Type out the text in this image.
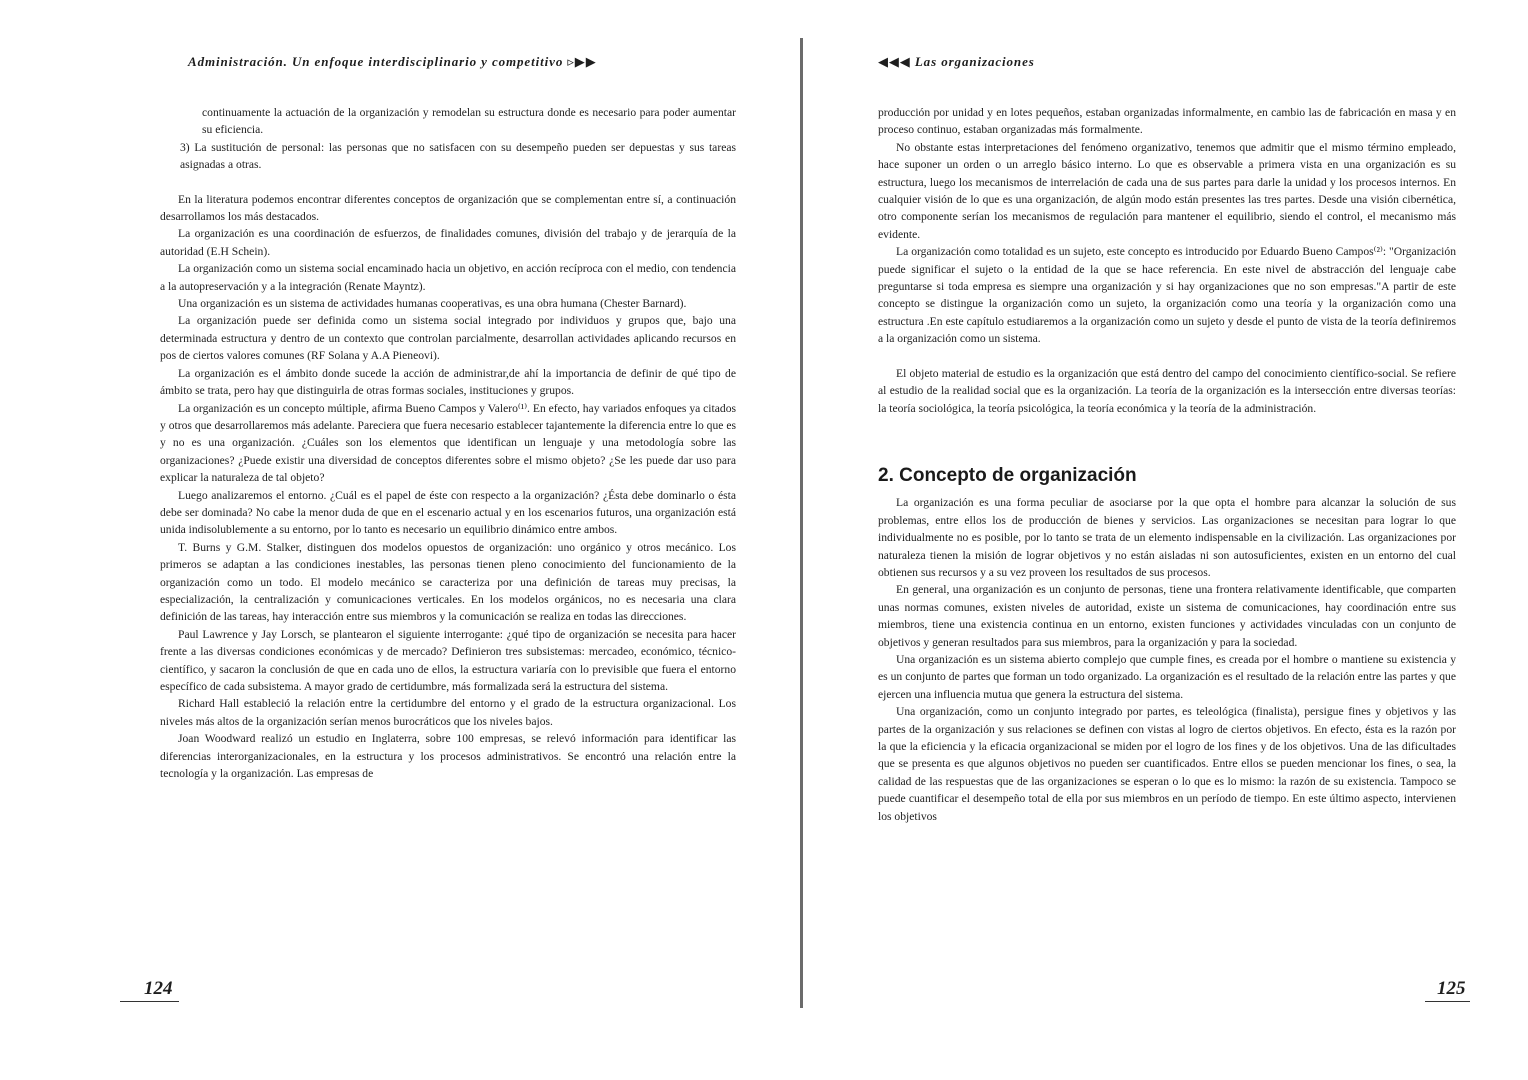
Administración. Un enfoque interdisciplinario y competitivo ▹▶▶

continuamente la actuación de la organización y remodelan su estructura donde es necesario para poder aumentar su eficiencia.

3) La sustitución de personal: las personas que no satisfacen con su desempeño pueden ser depuestas y sus tareas asignadas a otras.

En la literatura podemos encontrar diferentes conceptos de organización que se complementan entre sí, a continuación desarrollamos los más destacados.

La organización es una coordinación de esfuerzos, de finalidades comunes, división del trabajo y de jerarquía de la autoridad (E.H Schein).

La organización como un sistema social encaminado hacia un objetivo, en acción recíproca con el medio, con tendencia a la autopreservación y a la integración (Renate Mayntz).

Una organización es un sistema de actividades humanas cooperativas, es una obra humana (Chester Barnard).

La organización puede ser definida como un sistema social integrado por individuos y grupos que, bajo una determinada estructura y dentro de un contexto que controlan parcialmente, desarrollan actividades aplicando recursos en pos de ciertos valores comunes (RF Solana y A.A Pieneovi).

La organización es el ámbito donde sucede la acción de administrar,de ahí la importancia de definir de qué tipo de ámbito se trata, pero hay que distinguirla de otras formas sociales, instituciones y grupos.

La organización es un concepto múltiple, afirma Bueno Campos y Valero⁽¹⁾. En efecto, hay variados enfoques ya citados y otros que desarrollaremos más adelante. Pareciera que fuera necesario establecer tajantemente la diferencia entre lo que es y no es una organización. ¿Cuáles son los elementos que identifican un lenguaje y una metodología sobre las organizaciones? ¿Puede existir una diversidad de conceptos diferentes sobre el mismo objeto? ¿Se les puede dar uso para explicar la naturaleza de tal objeto?

Luego analizaremos el entorno. ¿Cuál es el papel de éste con respecto a la organización? ¿Ésta debe dominarlo o ésta debe ser dominada? No cabe la menor duda de que en el escenario actual y en los escenarios futuros, una organización está unida indisolublemente a su entorno, por lo tanto es necesario un equilibrio dinámico entre ambos.

T. Burns y G.M. Stalker, distinguen dos modelos opuestos de organización: uno orgánico y otros mecánico. Los primeros se adaptan a las condiciones inestables, las personas tienen pleno conocimiento del funcionamiento de la organización como un todo. El modelo mecánico se caracteriza por una definición de tareas muy precisas, la especialización, la centralización y comunicaciones verticales. En los modelos orgánicos, no es necesaria una clara definición de las tareas, hay interacción entre sus miembros y la comunicación se realiza en todas las direcciones.

Paul Lawrence y Jay Lorsch, se plantearon el siguiente interrogante: ¿qué tipo de organización se necesita para hacer frente a las diversas condiciones económicas y de mercado? Definieron tres subsistemas: mercadeo, económico, técnico-científico, y sacaron la conclusión de que en cada uno de ellos, la estructura variaría con lo previsible que fuera el entorno específico de cada subsistema. A mayor grado de certidumbre, más formalizada será la estructura del sistema.

Richard Hall estableció la relación entre la certidumbre del entorno y el grado de la estructura organizacional. Los niveles más altos de la organización serían menos burocráticos que los niveles bajos.

Joan Woodward realizó un estudio en Inglaterra, sobre 100 empresas, se relevó información para identificar las diferencias interorganizacionales, en la estructura y los procesos administrativos. Se encontró una relación entre la tecnología y la organización. Las empresas de

124
◀◀◀ Las organizaciones

producción por unidad y en lotes pequeños, estaban organizadas informalmente, en cambio las de fabricación en masa y en proceso continuo, estaban organizadas más formalmente.

No obstante estas interpretaciones del fenómeno organizativo, tenemos que admitir que el mismo término empleado, hace suponer un orden o un arreglo básico interno. Lo que es observable a primera vista en una organización es su estructura, luego los mecanismos de interrelación de cada una de sus partes para darle la unidad y los procesos internos. En cualquier visión de lo que es una organización, de algún modo están presentes las tres partes. Desde una visión cibernética, otro componente serían los mecanismos de regulación para mantener el equilibrio, siendo el control, el mecanismo más evidente.

La organización como totalidad es un sujeto, este concepto es introducido por Eduardo Bueno Campos⁽²⁾: "Organización puede significar el sujeto o la entidad de la que se hace referencia. En este nivel de abstracción del lenguaje cabe preguntarse si toda empresa es siempre una organización y si hay organizaciones que no son empresas."A partir de este concepto se distingue la organización como un sujeto, la organización como una teoría y la organización como una estructura .En este capítulo estudiaremos a la organización como un sujeto y desde el punto de vista de la teoría definiremos a la organización como un sistema.

El objeto material de estudio es la organización que está dentro del campo del conocimiento científico-social. Se refiere al estudio de la realidad social que es la organización. La teoría de la organización es la intersección entre diversas teorías: la teoría sociológica, la teoría psicológica, la teoría económica y la teoría de la administración.

2. Concepto de organización

La organización es una forma peculiar de asociarse por la que opta el hombre para alcanzar la solución de sus problemas, entre ellos los de producción de bienes y servicios. Las organizaciones se necesitan para lograr lo que individualmente no es posible, por lo tanto se trata de un elemento indispensable en la civilización. Las organizaciones por naturaleza tienen la misión de lograr objetivos y no están aisladas ni son autosuficientes, existen en un entorno del cual obtienen sus recursos y a su vez proveen los resultados de sus procesos.

En general, una organización es un conjunto de personas, tiene una frontera relativamente identificable, que comparten unas normas comunes, existen niveles de autoridad, existe un sistema de comunicaciones, hay coordinación entre sus miembros, tiene una existencia continua en un entorno, existen funciones y actividades vinculadas con un conjunto de objetivos y generan resultados para sus miembros, para la organización y para la sociedad.

Una organización es un sistema abierto complejo que cumple fines, es creada por el hombre o mantiene su existencia y es un conjunto de partes que forman un todo organizado. La organización es el resultado de la relación entre las partes y que ejercen una influencia mutua que genera la estructura del sistema.

Una organización, como un conjunto integrado por partes, es teleológica (finalista), persigue fines y objetivos y las partes de la organización y sus relaciones se definen con vistas al logro de ciertos objetivos. En efecto, ésta es la razón por la que la eficiencia y la eficacia organizacional se miden por el logro de los fines y de los objetivos. Una de las dificultades que se presenta es que algunos objetivos no pueden ser cuantificados. Entre ellos se pueden mencionar los fines, o sea, la calidad de las respuestas que de las organizaciones se esperan o lo que es lo mismo: la razón de su existencia. Tampoco se puede cuantificar el desempeño total de ella por sus miembros en un período de tiempo. En este último aspecto, intervienen los objetivos

125
